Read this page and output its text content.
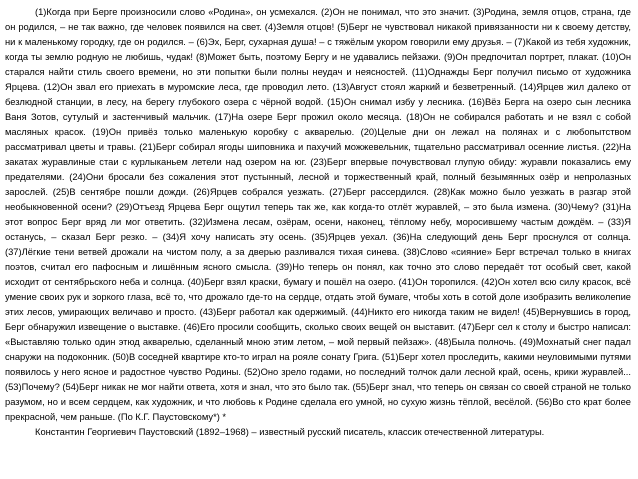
(1)Когда при Берге произносили слово «Родина», он усмехался. (2)Он не понимал, что это значит. (3)Родина, земля отцов, страна, где он родился, – не так важно, где человек появился на свет. (4)Земля отцов! (5)Берг не чувствовал никакой привязанности ни к своему детству, ни к маленькому городку, где он родился. – (6)Эх, Берг, сухарная душа! – с тяжёлым укором говорили ему друзья. – (7)Какой из тебя художник, когда ты землю родную не любишь, чудак! (8)Может быть, поэтому Бергу и не удавались пейзажи. (9)Он предпочитал портрет, плакат. (10)Он старался найти стиль своего времени, но эти попытки были полны неудач и неясностей. (11)Однажды Берг получил письмо от художника Ярцева. (12)Он звал его приехать в муромские леса, где проводил лето. (13)Август стоял жаркий и безветренный. (14)Ярцев жил далеко от безлюдной станции, в лесу, на берегу глубокого озера с чёрной водой. (15)Он снимал избу у лесника. (16)Вёз Берга на озеро сын лесника Ваня Зотов, сутулый и застенчивый мальчик. (17)На озере Берг прожил около месяца. (18)Он не собирался работать и не взял с собой масляных красок. (19)Он привёз только маленькую коробку с акварелью. (20)Целые дни он лежал на полянах и с любопытством рассматривал цветы и травы. (21)Берг собирал ягоды шиповника и пахучий можжевельник, тщательно рассматривал осенние листья. (22)На закатах журавлиные стаи с курлыканьем летели над озером на юг. (23)Берг впервые почувствовал глупую обиду: журавли показались ему предателями. (24)Они бросали без сожаления этот пустынный, лесной и торжественный край, полный безымянных озёр и непролазных зарослей. (25)В сентябре пошли дожди. (26)Ярцев собрался уезжать. (27)Берг рассердился. (28)Как можно было уезжать в разгар этой необыкновенной осени? (29)Отъезд Ярцева Берг ощутил теперь так же, как когда-то отлёт журавлей, – это была измена. (30)Чему? (31)На этот вопрос Берг вряд ли мог ответить. (32)Измена лесам, озёрам, осени, наконец, тёплому небу, моросившему частым дождём. – (33)Я останусь, – сказал Берг резко. – (34)Я хочу написать эту осень. (35)Ярцев уехал. (36)На следующий день Берг проснулся от солнца. (37)Лёгкие тени ветвей дрожали на чистом полу, а за дверью разливался тихая синева. (38)Слово «сияние» Берг встречал только в книгах поэтов, считал его пафосным и лишённым ясного смысла. (39)Но теперь он понял, как точно это слово передаёт тот особый свет, какой исходит от сентябрьского неба и солнца. (40)Берг взял краски, бумагу и пошёл на озеро. (41)Он торопился. (42)Он хотел всю силу красок, всё умение своих рук и зоркого глаза, всё то, что дрожало где-то на сердце, отдать этой бумаге, чтобы хоть в сотой доле изобразить великолепие этих лесов, умирающих величаво и просто. (43)Берг работал как одержимый. (44)Никто его никогда таким не видел! (45)Вернувшись в город, Берг обнаружил извещение о выставке. (46)Его просили сообщить, сколько своих вещей он выставит. (47)Берг сел к столу и быстро написал: «Выставляю только один этюд акварелью, сделанный мною этим летом, – мой первый пейзаж». (48)Была полночь. (49)Мохнатый снег падал снаружи на подоконник. (50)В соседней квартире кто-то играл на рояле сонату Грига. (51)Берг хотел проследить, какими неуловимыми путями появилось у него ясное и радостное чувство Родины. (52)Оно зрело годами, но последний толчок дали лесной край, осень, крики журавлей... (53)Почему? (54)Берг никак не мог найти ответа, хотя и знал, что это было так. (55)Берг знал, что теперь он связан со своей страной не только разумом, но и всем сердцем, как художник, и что любовь к Родине сделала его умной, но сухую жизнь тёплой, весёлой. (56)Во сто крат более прекрасной, чем раньше. (По К.Г. Паустовскому*) *

Константин Георгиевич Паустовский (1892–1968) – известный русский писатель, классик отечественной литературы.
